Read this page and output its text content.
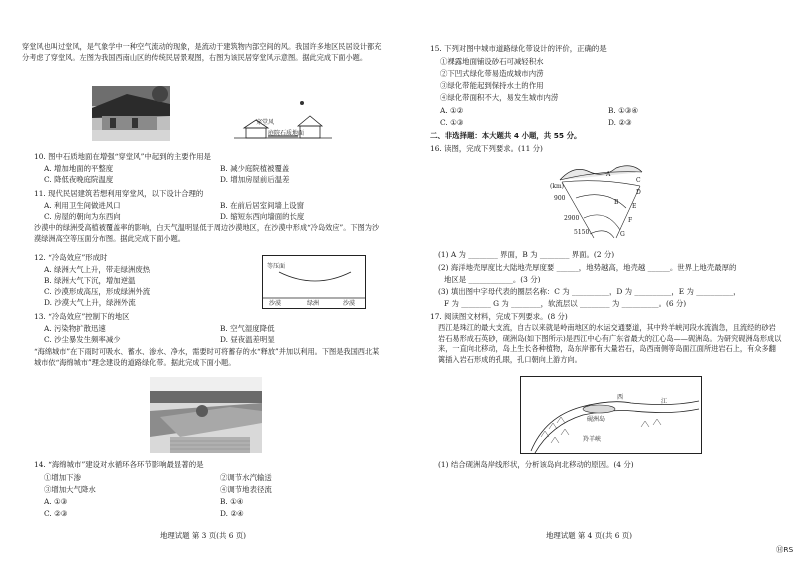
穿堂风也叫过堂风，是气象学中一种空气流动的现象，是流动于建筑物内部空间的风。我国许多地区民居设计都充分考虑了穿堂风。左图为我国西南山区的传统民居景观图，右图为该民居穿堂风示意图。据此完成下面小题。
穿堂风
庭院石质地面
10. 图中石质地面在增强“穿堂风”中起到的主要作用是
A. 增加地面的平整度	B. 减少庭院植被覆盖
C. 降低夜晚庭院温度	D. 增加房屋前后温差
11. 现代民居建筑若想利用穿堂风，以下设计合理的
A. 利用卫生间做进风口	B. 在前后居室间墙上设窗
C. 房屋的朝向为东西向	D. 缩短东西向墙面的长度
沙漠中的绿洲受高植被覆盖率的影响，白天气温明显低于周边沙漠地区，在沙漠中形成“冷岛效应”。下图为沙漠绿洲高空等压面分布图。据此完成下面小题。
12. “冷岛效应”形成时
A. 绿洲大气上升，带走绿洲废热
B. 绿洲大气下沉，增加逆温
C. 沙漠形成高压，形成绿洲外流
D. 沙漠大气上升，绿洲外流
等压面
沙漠	绿洲	沙漠
13. “冷岛效应”控制下的地区
A. 污染物扩散迅速	B. 空气湿度降低
C. 沙尘暴发生频率减少	D. 昼夜温差明显
“海绵城市”在下雨时可吸水、蓄水、渗水、净水，需要时可将蓄存的水“释放”并加以利用。下图是我国西北某城市依“海绵城市”理念建设的道路绿化带。据此完成下面小题。
14. “海绵城市”建设对水循环各环节影响最显著的是
①增加下渗	②调节水汽输送
③增加大气降水	④调节地表径流
A. ①③	B. ①④
C. ②③	D. ②④
地理试题 第 3 页(共 6 页)
15. 下列对图中城市道路绿化带设计的评价，正确的是
①裸露地面铺设砂石可减轻积水
②下凹式绿化带易造成城市内涝
③绿化带能起到保持水土的作用
④绿化带面积不大，易发生城市内涝
A. ①②	B. ①③④
C. ①③	D. ②③
二、非选择题：本大题共 4 小题，共 55 分。
16. 读图，完成下列要求。(11 分)
(km)
900
2900
5150
A
B
C
D
E
F
G
(1) A 为 ________ 界面，B 为 ________ 界面。(2 分)
(2) 海洋地壳厚度比大陆地壳厚度要 ______，地势越高，地壳越 ______。世界上地壳最厚的
地区是 ____________。(3 分)
(3) 填出图中字母代表的圈层名称：C 为 __________，D 为 __________，E 为 __________，
F 为 ________ G 为 ________，软流层以 ________ 为 __________。(6 分)
17. 阅读图文材料，完成下列要求。(8 分)
西江是珠江的最大支流，自古以来就是岭南地区的水运交通要道，其中羚羊峡河段水流湍急，且流经的砂岩岩石易形成石英砂，砚洲岛(如下图所示)是西江中心有广东省最大的江心岛——砚洲岛。为研究砚洲岛形成以来，一直向北移动，岛上生长各种植物，岛东岸都有大量岩石，岛西南侧等岛面江面所进岩石上，有众多翻篱插入岩石形成的孔眼，孔口朝向上游方向。
西
江
砚洲岛
羚羊峡
(1) 结合砚洲岛岸线形状，分析该岛向北移动的原因。(4 分)
地理试题 第 4 页(共 6 页)
ⒽRS
